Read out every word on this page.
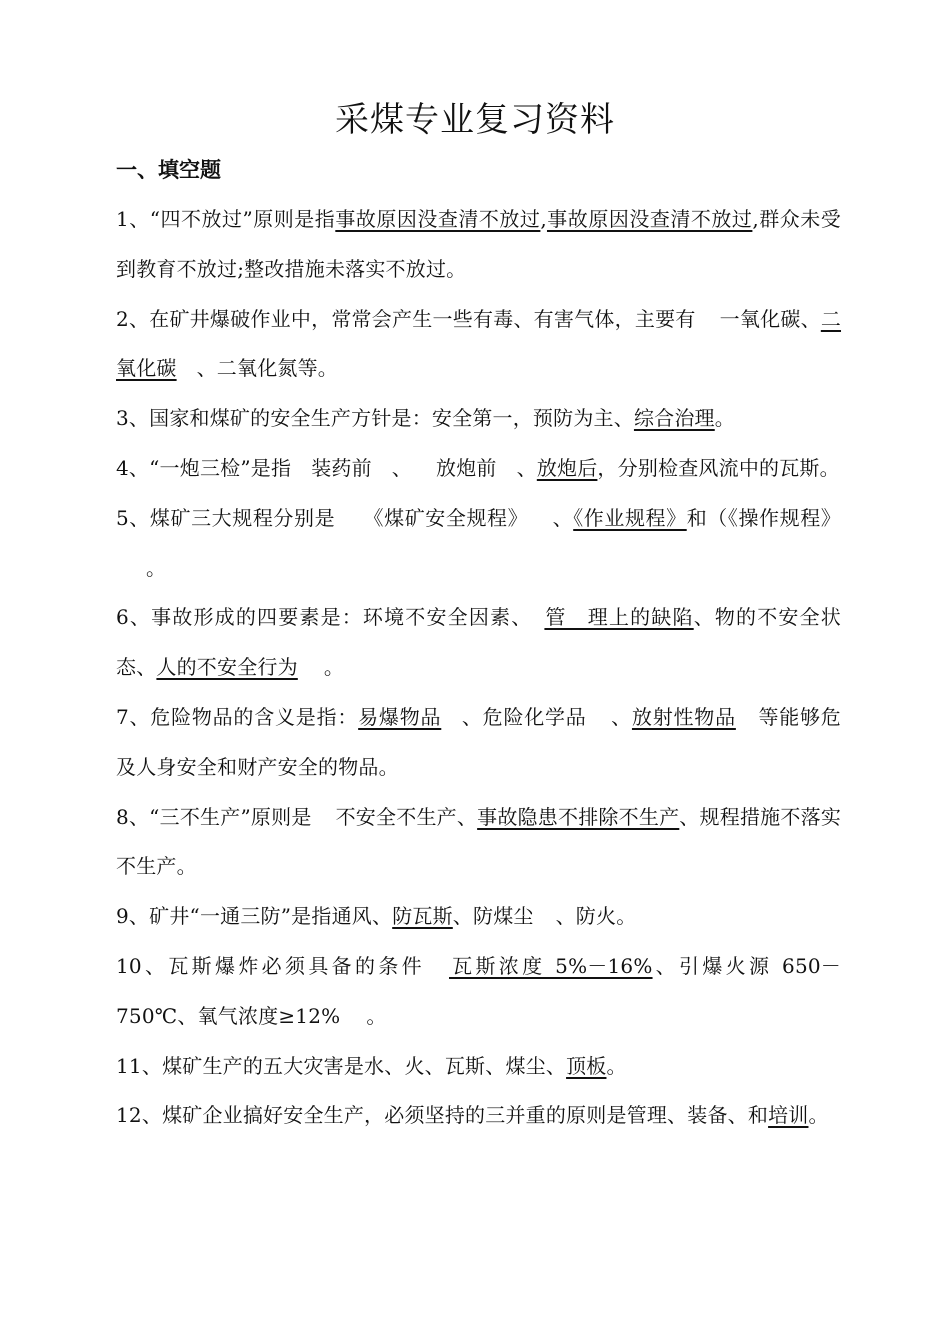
采煤专业复习资料
一、填空题

1、“四不放过”原则是指事故原因没查清不放过,事故原因没查清不放过,群众未受到教育不放过;整改措施未落实不放过。

2、在矿井爆破作业中，常常会产生一些有毒、有害气体，主要有 一氧化碳、二氧化碳 、二氧化氮等。

3、国家和煤矿的安全生产方针是：安全第一，预防为主、综合治理。

4、“一炮三检”是指 装药前 、 放炮前 、放炮后，分别检查风流中的瓦斯。

5、煤矿三大规程分别是 《煤矿安全规程》 、《作业规程》和（《操作规程》。

6、事故形成的四要素是：环境不安全因素、 管　理上的缺陷、物的不安全状态、人的不安全行为 。

7、危险物品的含义是指：易爆物品 、危险化学品 、放射性物品 等能够危及人身安全和财产安全的物品。

8、“三不生产”原则是 不安全不生产、事故隐患不排除不生产、规程措施不落实不生产。

9、矿井“一通三防”是指通风、防瓦斯、防煤尘 、防火。

10、瓦斯爆炸必须具备的条件 瓦斯浓度 5%－16%、引爆火源 650－750℃、氧气浓度≥12% 。

11、煤矿生产的五大灾害是水、火、瓦斯、煤尘、顶板。

12、煤矿企业搞好安全生产，必须坚持的三并重的原则是管理、装备、和培训。
